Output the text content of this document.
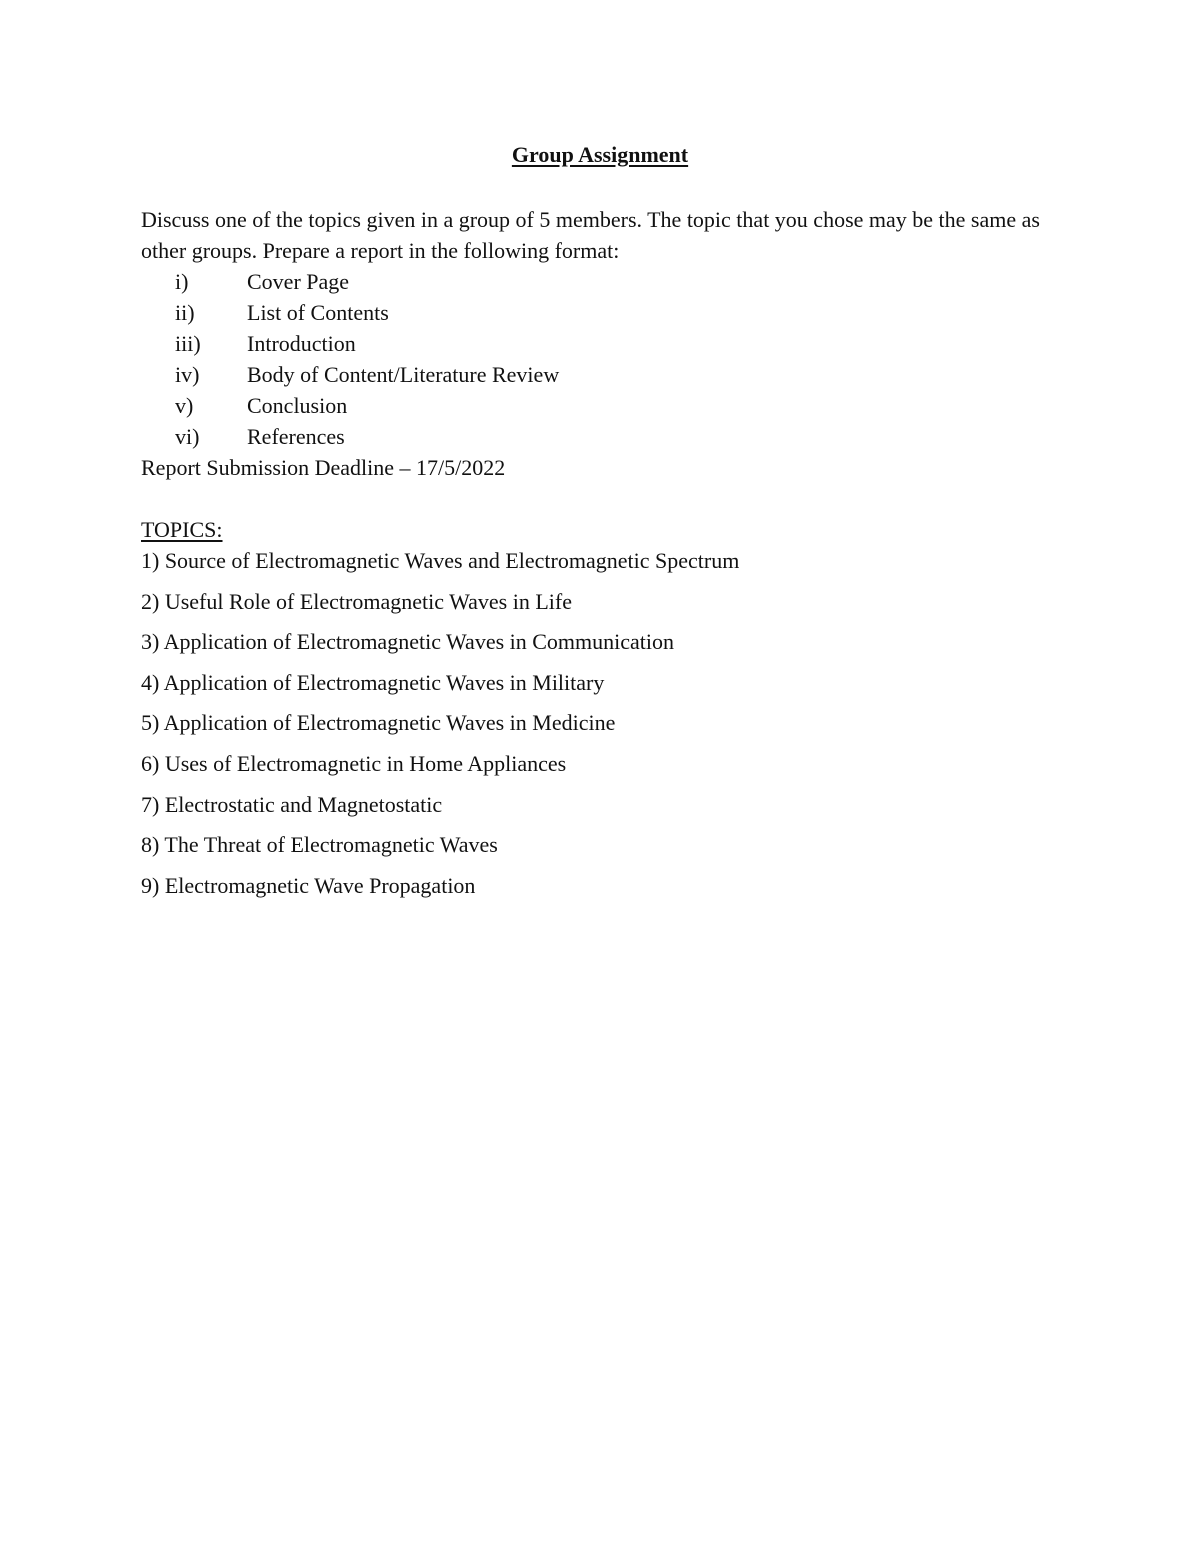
Group Assignment
Discuss one of the topics given in a group of 5 members. The topic that you chose may be the same as other groups. Prepare a report in the following format:
i)	Cover Page
ii) List of Contents
iii) Introduction
iv) Body of Content/Literature Review
v) Conclusion
vi) References
Report Submission Deadline – 17/5/2022
TOPICS:
1) Source of Electromagnetic Waves and Electromagnetic Spectrum
2) Useful Role of Electromagnetic Waves in Life
3) Application of Electromagnetic Waves in Communication
4) Application of Electromagnetic Waves in Military
5) Application of Electromagnetic Waves in Medicine
6) Uses of Electromagnetic in Home Appliances
7) Electrostatic and Magnetostatic
8) The Threat of Electromagnetic Waves
9) Electromagnetic Wave Propagation
